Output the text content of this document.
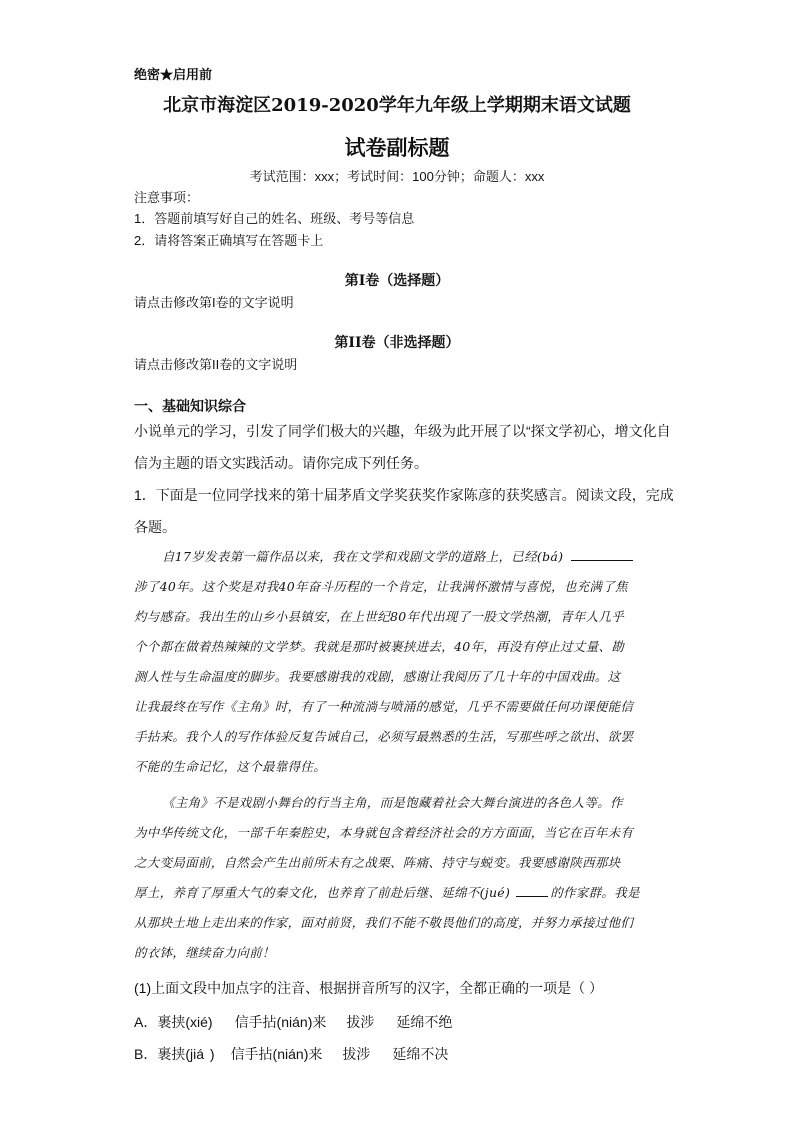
绝密★启用前
北京市海淀区2019-2020学年九年级上学期期末语文试题
试卷副标题
考试范围：xxx；考试时间：100分钟；命题人：xxx
注意事项：
1．答题前填写好自己的姓名、班级、考号等信息
2．请将答案正确填写在答题卡上
第I卷（选择题）
请点击修改第I卷的文字说明
第II卷（非选择题）
请点击修改第II卷的文字说明
一、基础知识综合
小说单元的学习，引发了同学们极大的兴趣，年级为此开展了以“探文学初心，增文化自
信为主题的语文实践活动。请你完成下列任务。
1．下面是一位同学找来的第十届茅盾文学奖获奖作家陈彦的获奖感言。阅读文段，完成
各题。
自17岁发表第一篇作品以来，我在文学和戏剧文学的道路上，已经(bá)
涉了40年。这个奖是对我40年奋斗历程的一个肯定，让我满怀激情与喜悦，也充满了焦
灼与感奋。我出生的山乡小县镇安，在上世纪80年代出现了一股文学热潮，青年人几乎
个个都在做着热辣辣的文学梦。我就是那时被裹挟进去，40年，再没有停止过丈量、勘
测人性与生命温度的脚步。我要感谢我的戏剧，感谢让我阅历了几十年的中国戏曲。这
让我最终在写作《主角》时，有了一种流淌与喷涌的感觉，几乎不需要做任何功课便能信
手拈来。我个人的写作体验反复告诫自己，必须写最熟悉的生活，写那些呼之欲出、欲罢
不能的生命记忆，这个最靠得住。
《主角》不是戏剧小舞台的行当主角，而是饱藏着社会大舞台演进的各色人等。作
为中华传统文化，一部千年秦腔史，本身就包含着经济社会的方方面面，当它在百年未有
之大变局面前，自然会产生出前所未有之战栗、阵痛、持守与蜕变。我要感谢陕西那块
厚土，养育了厚重大气的秦文化，也养育了前赴后继、延绵不(jué)	的作家群。我是
从那块土地上走出来的作家，面对前贤，我们不能不敬畏他们的高度，并努力承接过他们
的衣钵，继续奋力向前！
(1)上面文段中加点字的注音、根据拼音所写的汉字，全都正确的一项是（ ）
A．裹挟(xié) 信手拈(nián)来 拔涉 延绵不绝
B．裹挟(jiá ) 信手拈(nián)来 拔涉 延绵不决
